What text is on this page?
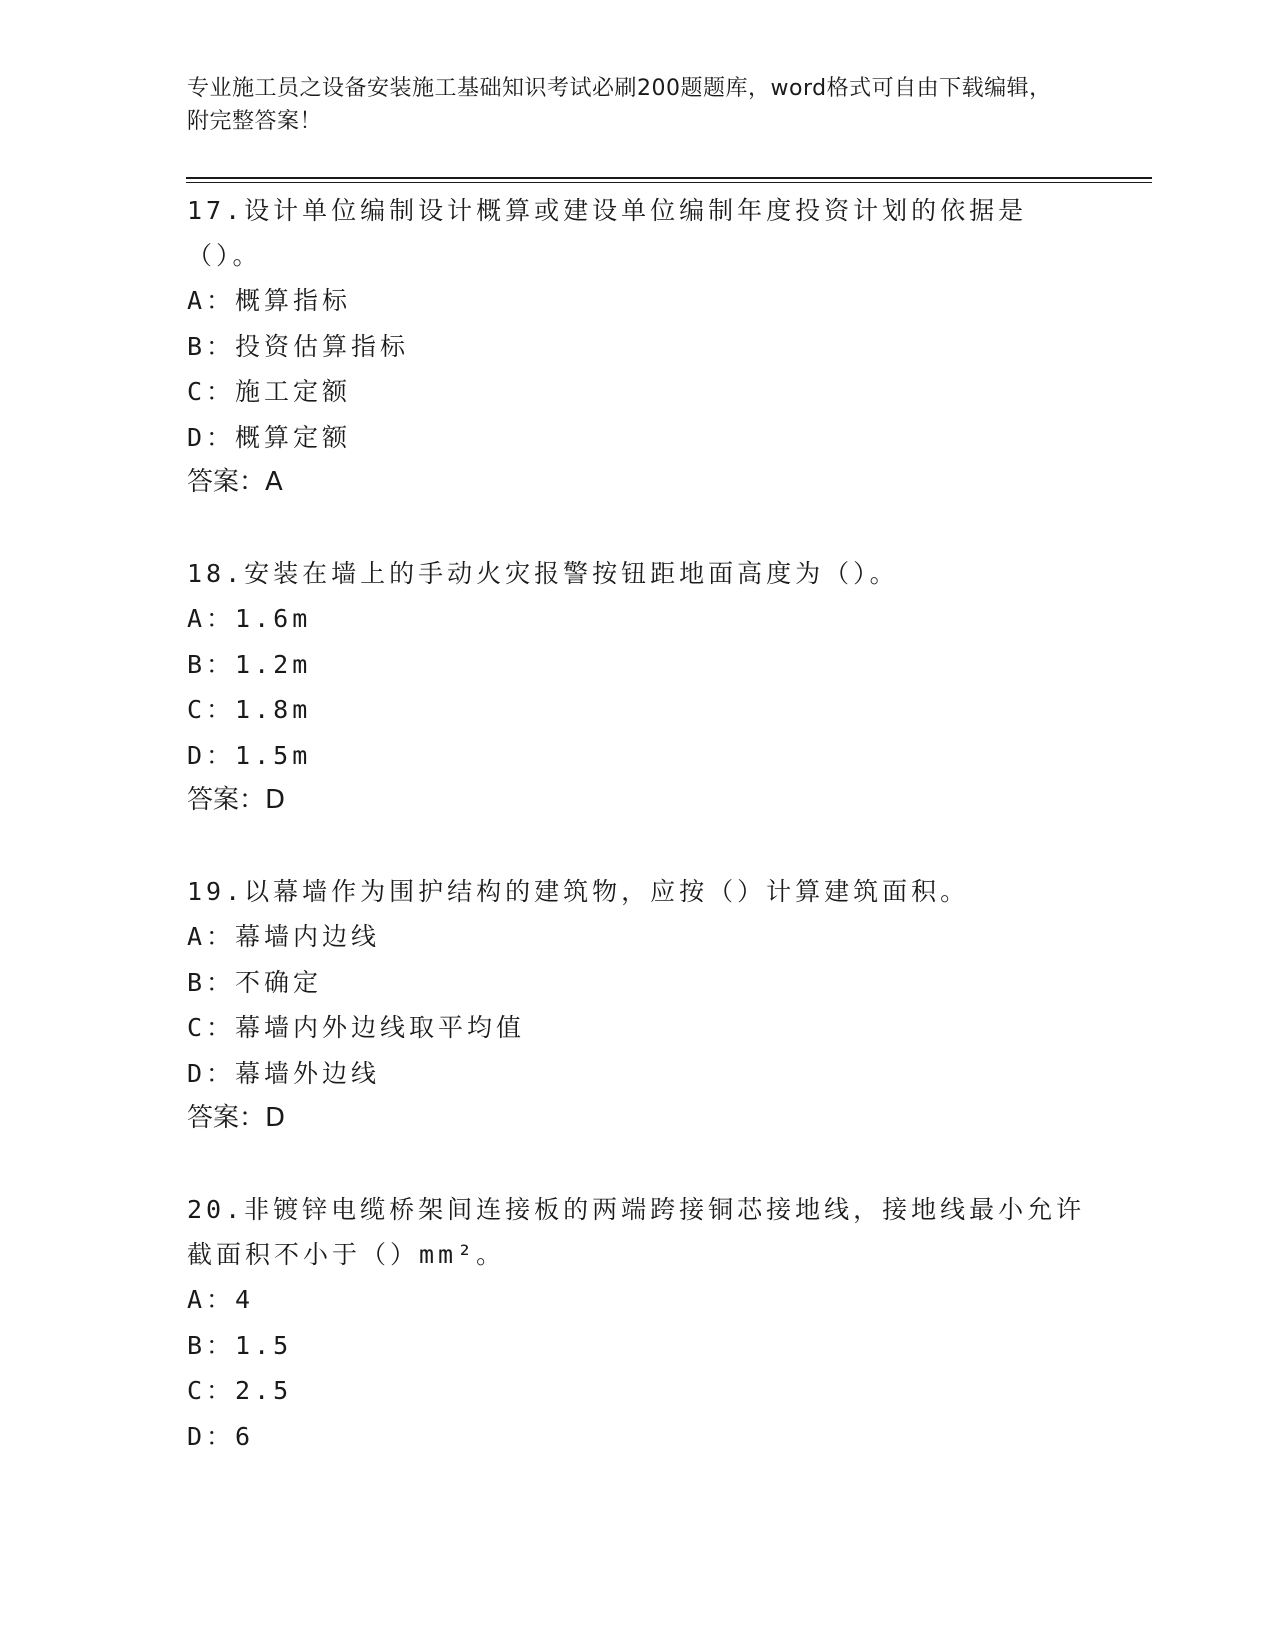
专业施工员之设备安装施工基础知识考试必刷200题题库，word格式可自由下载编辑，附完整答案！

17.设计单位编制设计概算或建设单位编制年度投资计划的依据是（）。

A：概算指标

B：投资估算指标

C：施工定额

D：概算定额

答案：A

18.安装在墙上的手动火灾报警按钮距地面高度为（）。

A：1.6m

B：1.2m

C：1.8m

D：1.5m

答案：D

19.以幕墙作为围护结构的建筑物，应按（）计算建筑面积。

A：幕墙内边线

B：不确定

C：幕墙内外边线取平均值

D：幕墙外边线

答案：D

20.非镀锌电缆桥架间连接板的两端跨接铜芯接地线，接地线最小允许截面积不小于（）mm²。

A：4

B：1.5

C：2.5

D：6
